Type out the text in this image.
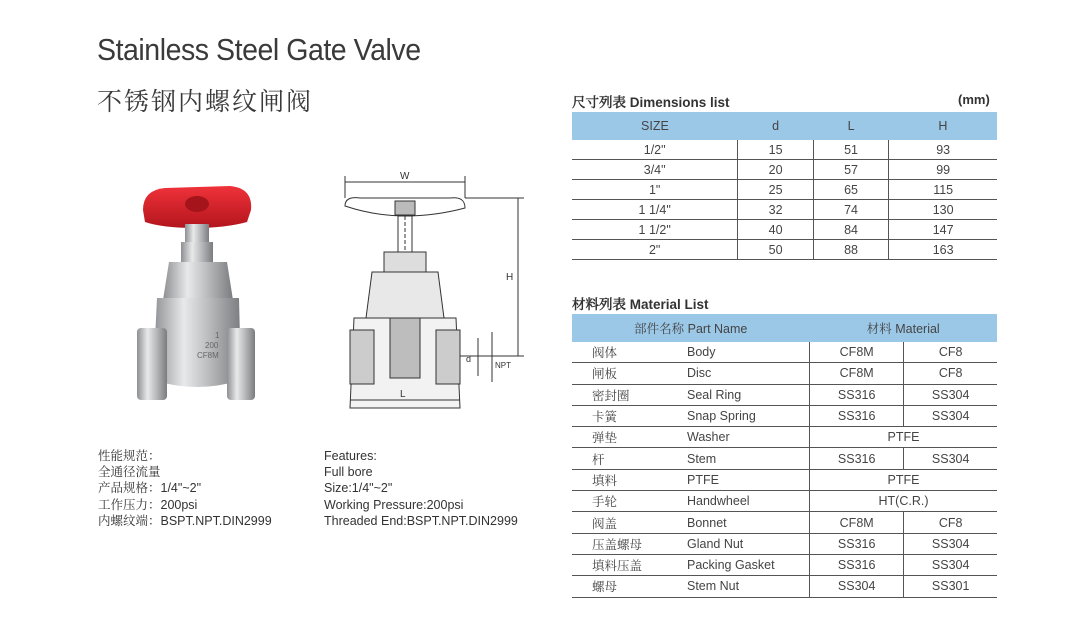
Stainless Steel Gate Valve
不锈钢内螺纹闸阀
1
200
CF8M
W
H
d
NPT
L
性能规范：
全通径流量
产品规格：1/4"~2"
工作压力：200psi
内螺纹端：BSPT.NPT.DIN2999
Features:
Full bore
Size:1/4"~2"
Working Pressure:200psi
Threaded End:BSPT.NPT.DIN2999
尺寸列表 Dimensions list	(mm)
SIZE	d	L	H
1/2"	15	51	93
3/4"	20	57	99
1"	25	65	115
1 1/4"	32	74	130
1 1/2"	40	84	147
2"	50	88	163
材料列表 Material List
部件名称 Part Name		材料 Material	
阀体	Body	CF8M	CF8
闸板	Disc	CF8M	CF8
密封圈	Seal Ring	SS316	SS304
卡簧	Snap Spring	SS316	SS304
弹垫	Washer	PTFE	
杆	Stem	SS316	SS304
填料	PTFE	PTFE	
手轮	Handwheel	HT(C.R.)	
阀盖	Bonnet	CF8M	CF8
压盖螺母	Gland Nut	SS316	SS304
填料压盖	Packing Gasket	SS316	SS304
螺母	Stem Nut	SS304	SS301
